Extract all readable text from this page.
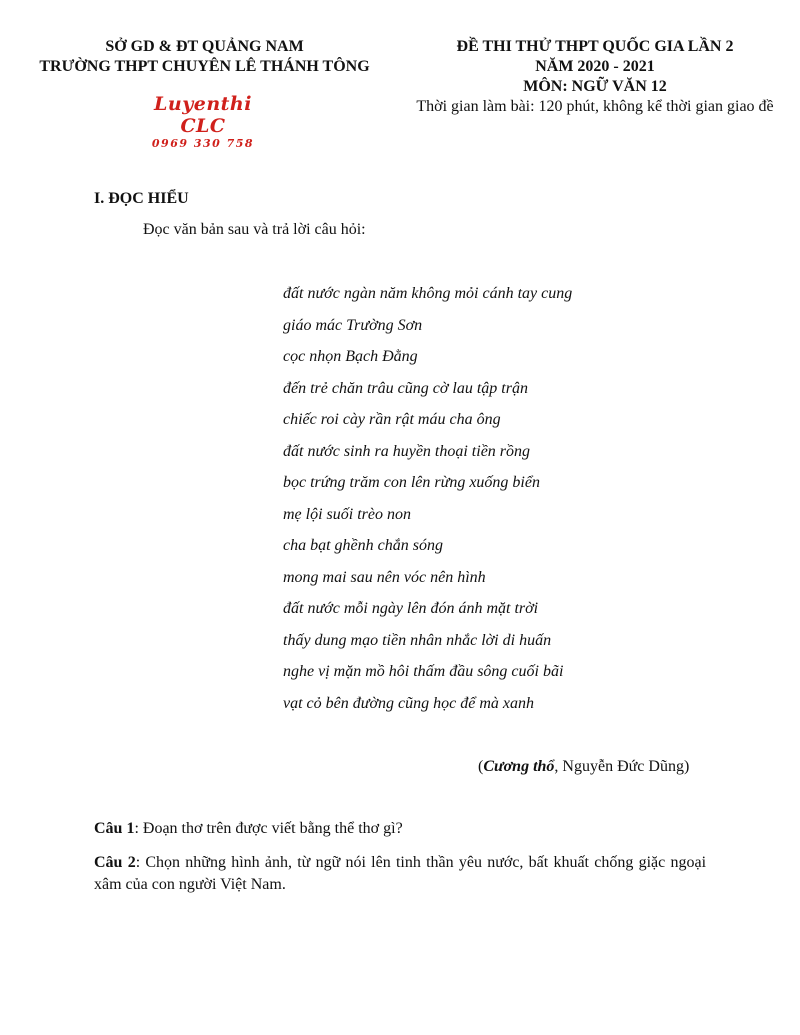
SỞ GD & ĐT QUẢNG NAM
TRƯỜNG THPT CHUYÊN LÊ THÁNH TÔNG
ĐỀ THI THỬ THPT QUỐC GIA LẦN 2
NĂM 2020 - 2021
MÔN: NGỮ VĂN 12
Thời gian làm bài: 120 phút, không kể thời gian giao đề
Luyenthi CLC
0969 330 758
I. ĐỌC HIỂU
Đọc văn bản sau và trả lời câu hỏi:
đất nước ngàn năm không mỏi cánh tay cung
giáo mác Trường Sơn
cọc nhọn Bạch Đằng
đến trẻ chăn trâu cũng cờ lau tập trận
chiếc roi cày rần rật máu cha ông
đất nước sinh ra huyền thoại tiền rồng
bọc trứng trăm con lên rừng xuống biển
mẹ lội suối trèo non
cha bạt ghềnh chắn sóng
mong mai sau nên vóc nên hình
đất nước mỗi ngày lên đón ánh mặt trời
thấy dung mạo tiền nhân nhắc lời di huấn
nghe vị mặn mồ hôi thấm đầu sông cuối bãi
vạt cỏ bên đường cũng học để mà xanh
(Cương thổ, Nguyễn Đức Dũng)
Câu 1: Đoạn thơ trên được viết bằng thể thơ gì?
Câu 2: Chọn những hình ảnh, từ ngữ nói lên tinh thần yêu nước, bất khuất chống giặc ngoại xâm của con người Việt Nam.
